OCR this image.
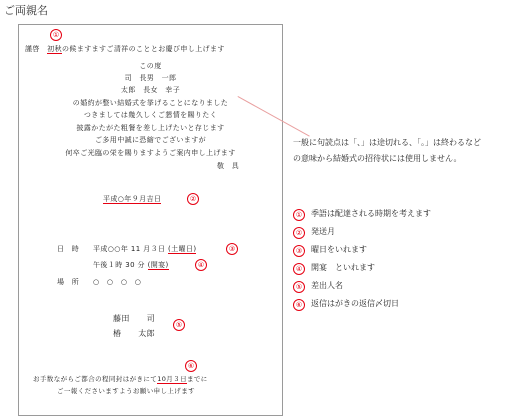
ご両親名
①
謹啓　初秋の候ますますご清祥のこととお慶び申し上げます
この度
司　長男　一郎
太郎　長女　幸子
の婚約が整い結婚式を挙げることになりました
つきましては幾久しくご懇情を賜りたく
披露かたがた粗餐を差し上げたいと存じます
ご多用中誠に恐縮でございますが
何卒ご光臨の栄を賜りますようご案内申し上げます
敬　具
平成○年９月吉日	②
日　時 平成○○年 11 月３日 (土曜日)	③
午後１時 30 分 (開宴)	④
場　所 ○　○　○　○
藤田　　司
椿　　太郎
⑤
⑥
お手数ながらご都合の程同封はがきにて10月３日までに
ご一報くださいますようお願い申し上げます
一般に句読点は「、」は途切れる、「。」は終わるなど
の意味から結婚式の招待状には使用しません。
①	季語は配達される時期を考えます
②	発送月
③	曜日をいれます
④	開宴　といれます
⑤	差出人名
⑥	返信はがきの返信〆切日
